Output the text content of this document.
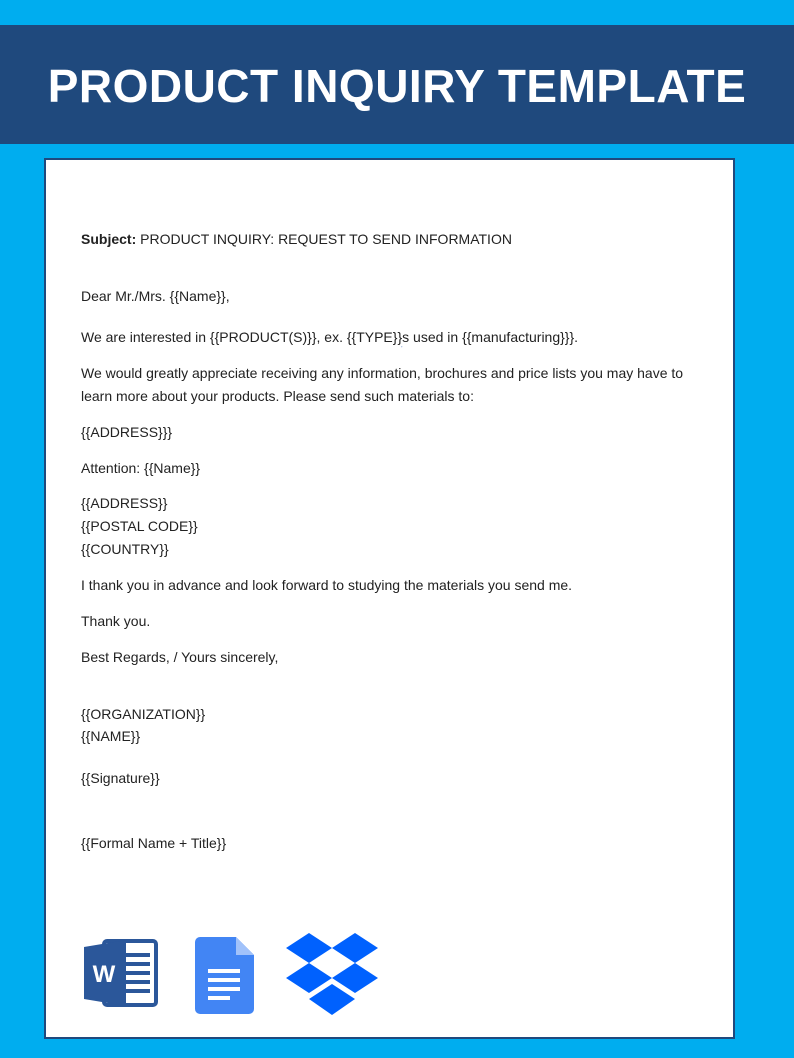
PRODUCT INQUIRY TEMPLATE
Subject: PRODUCT INQUIRY: REQUEST TO SEND INFORMATION
Dear Mr./Mrs. {{Name}},
We are interested in {{PRODUCT(S)}}, ex. {{TYPE}}s used in {{manufacturing}}}.
We would greatly appreciate receiving any information, brochures and price lists you may have to
learn more about your products. Please send such materials to:
{{ADDRESS}}}
Attention: {{Name}}
{{ADDRESS}}
{{POSTAL CODE}}
{{COUNTRY}}
I thank you in advance and look forward to studying the materials you send me.
Thank you.
Best Regards, / Yours sincerely,
{{ORGANIZATION}}
{{NAME}}
{{Signature}}
{{Formal Name + Title}}
W
